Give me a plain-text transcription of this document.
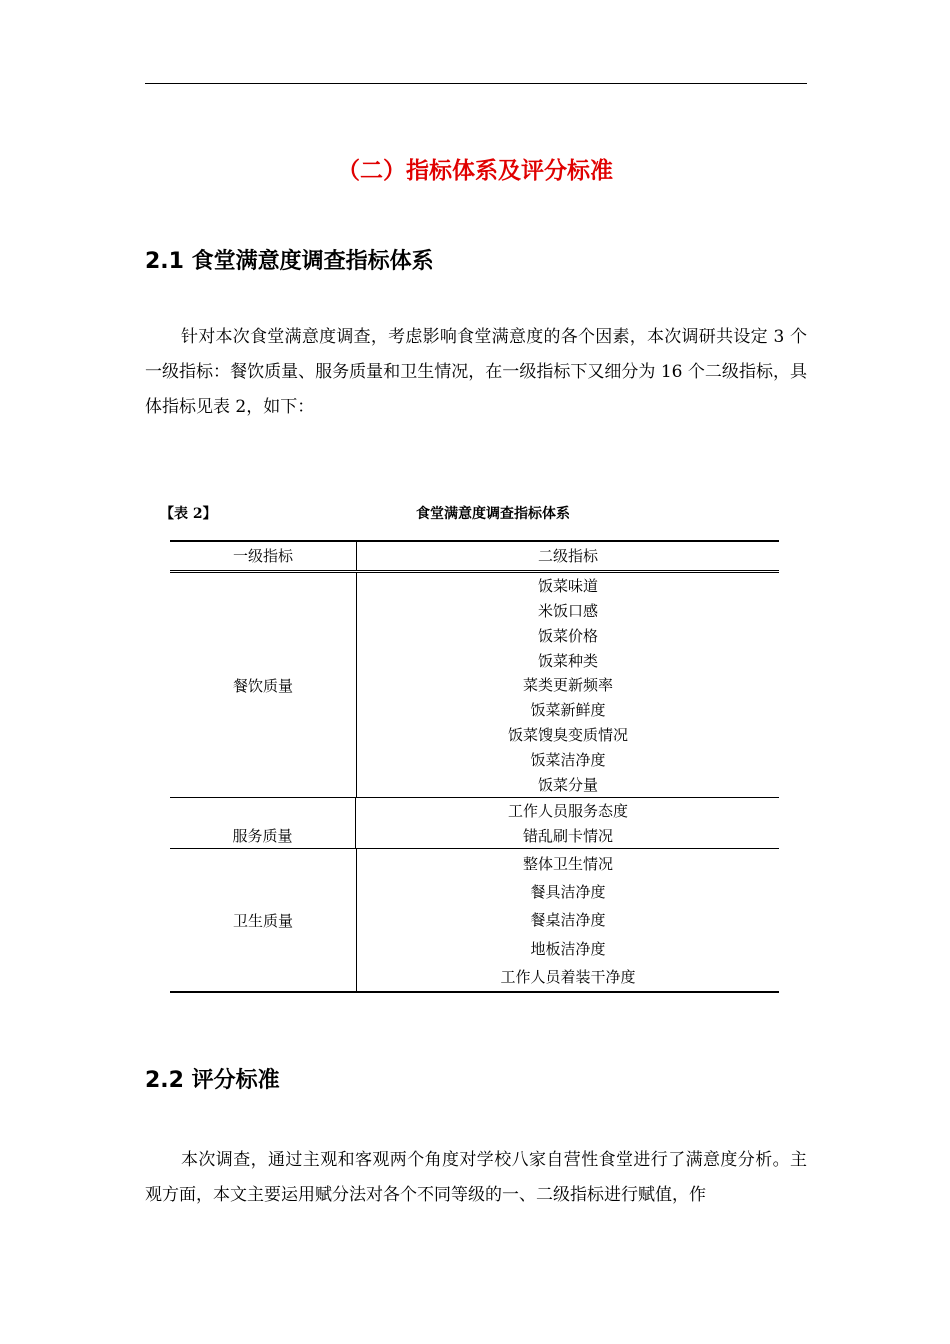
（二）指标体系及评分标准
2.1 食堂满意度调查指标体系

针对本次食堂满意度调查，考虑影响食堂满意度的各个因素，本次调研共设定 3 个一级指标：餐饮质量、服务质量和卫生情况，在一级指标下又细分为 16 个二级指标，具体指标见表 2，如下：

【表 2】	食堂满意度调查指标体系
一级指标	二级指标
餐饮质量
饭菜味道
米饭口感
饭菜价格
饭菜种类
菜类更新频率
饭菜新鲜度
饭菜馊臭变质情况
饭菜洁净度
饭菜分量
服务质量
工作人员服务态度
错乱刷卡情况
卫生质量
整体卫生情况
餐具洁净度
餐桌洁净度
地板洁净度
工作人员着装干净度
2.2 评分标准

本次调查，通过主观和客观两个角度对学校八家自营性食堂进行了满意度分析。主观方面，本文主要运用赋分法对各个不同等级的一、二级指标进行赋值，作
